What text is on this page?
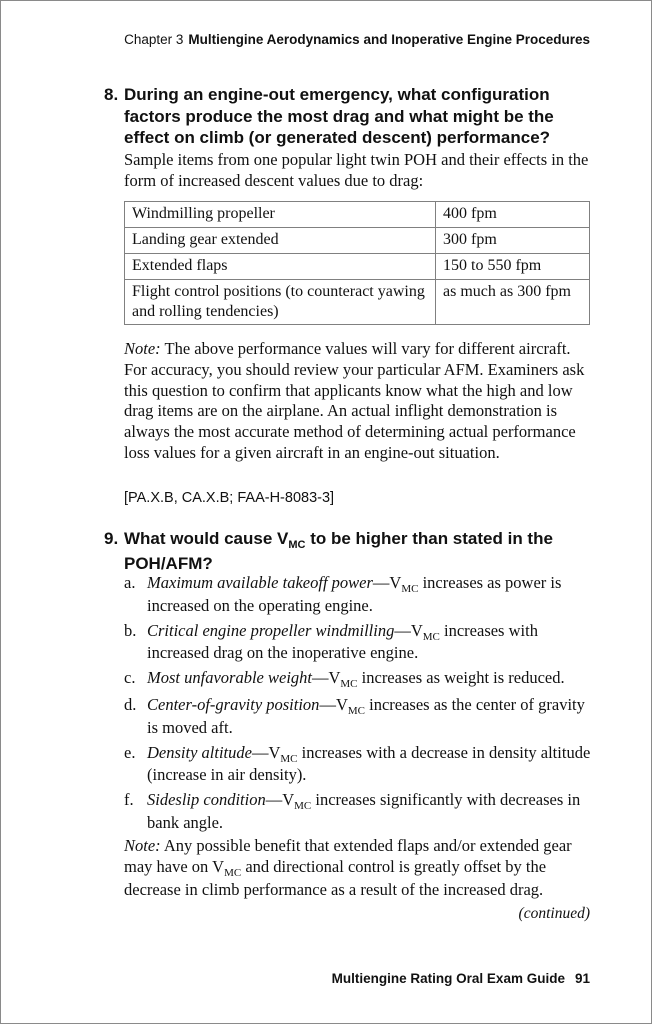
Chapter 3 Multiengine Aerodynamics and Inoperative Engine Procedures
8. During an engine-out emergency, what configuration factors produce the most drag and what might be the effect on climb (or generated descent) performance?
Sample items from one popular light twin POH and their effects in the form of increased descent values due to drag:
Windmilling propeller	400 fpm
Landing gear extended	300 fpm
Extended flaps	150 to 550 fpm
Flight control positions (to counteract yawing and rolling tendencies)	as much as 300 fpm
Note: The above performance values will vary for different aircraft. For accuracy, you should review your particular AFM. Examiners ask this question to confirm that applicants know what the high and low drag items are on the airplane. An actual inflight demonstration is always the most accurate method of determining actual performance loss values for a given aircraft in an engine-out situation.
[PA.X.B, CA.X.B; FAA-H-8083-3]
9. What would cause $V_{MC}$ to be higher than stated in the POH/AFM?
a. Maximum available takeoff $power—V_{MC}$ increases as power is increased on the operating engine.
b. Critical engine propeller $windmilling—V_{MC}$ increases with increased drag on the inoperative engine.
c. Most unfavorable $weight—V_{MC}$ increases as weight is reduced.
d. Center-of-gravity $position—V_{MC}$ increases as the center of gravity is moved aft.
e. Density $altitude—V_{MC}$ increases with a decrease in density altitude (increase in air density).
f. Sideslip $condition—V_{MC}$ increases significantly with decreases in bank angle.
Note: Any possible benefit that extended flaps and/or extended gear may have on $V_{MC}$ and directional control is greatly offset by the decrease in climb performance as a result of the increased drag.
(continued)
Multiengine Rating Oral Exam Guide 91
